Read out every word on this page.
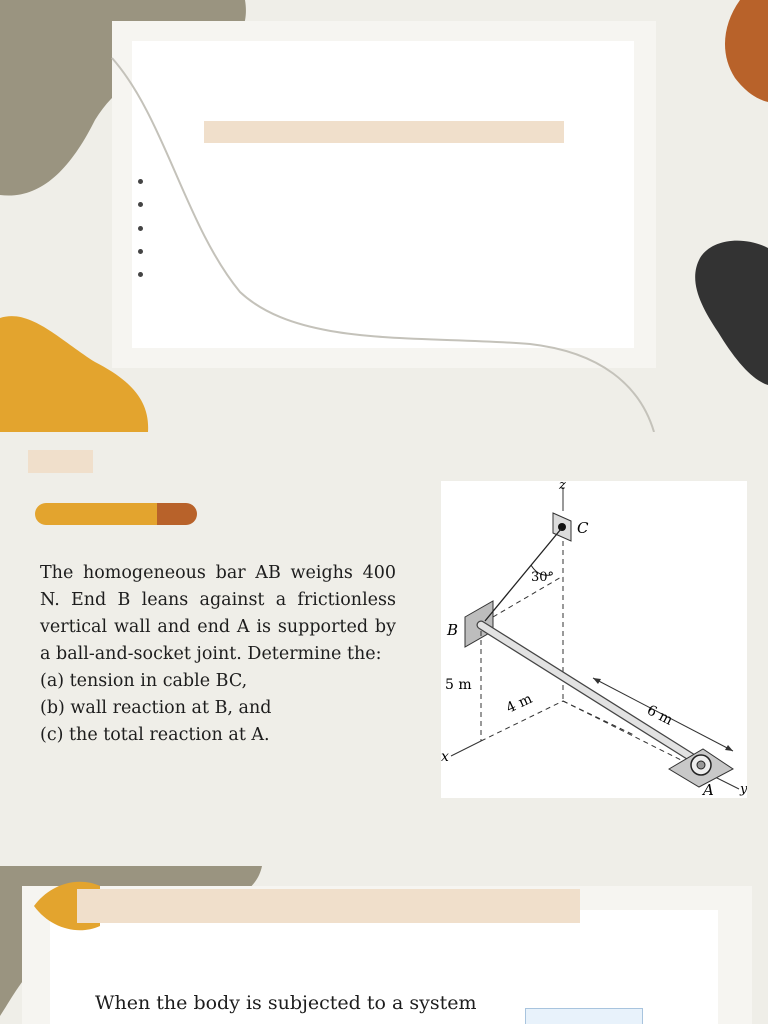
The homogeneous bar AB weighs 400 N. End B leans against a frictionless vertical wall and end A is supported by a ball-and-socket joint. Determine the:

(a) tension in cable BC,

(b) wall reaction at B, and

(c) the total reaction at A.

z
C
B
30°
5 m
4 m	6 m
x
A y
When the body is subjected to a system
